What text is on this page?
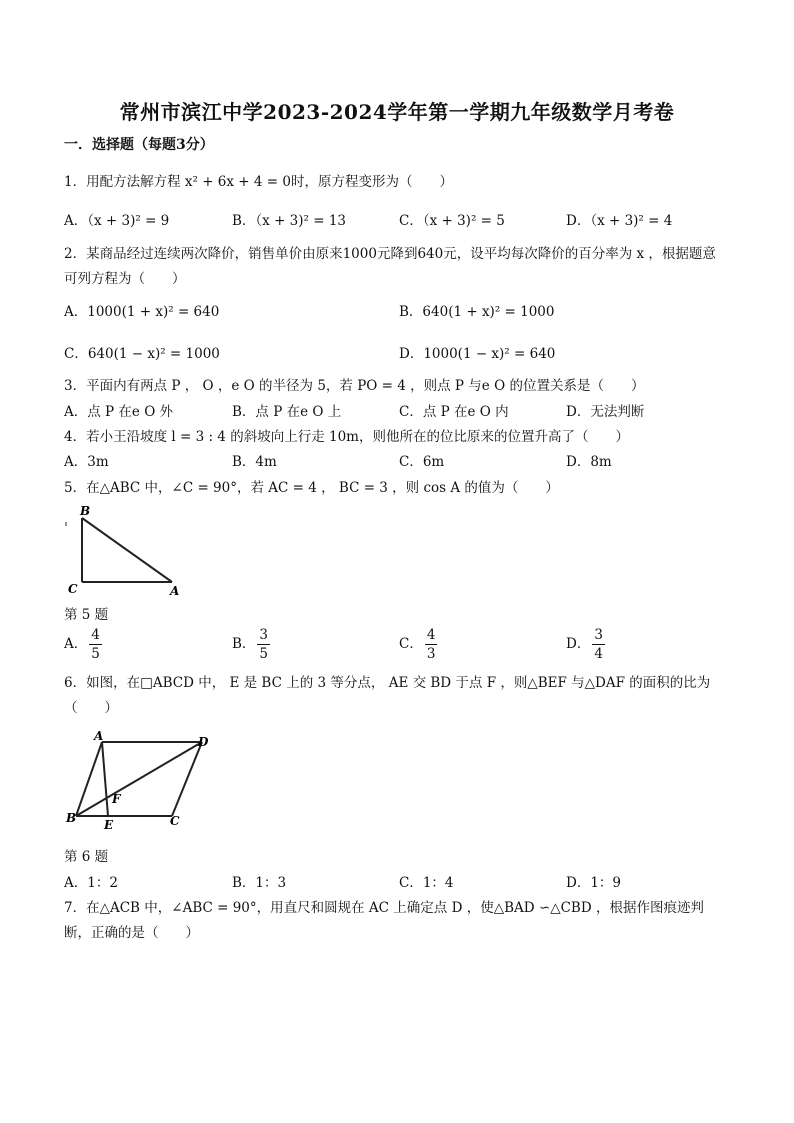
常州市滨江中学2023-2024学年第一学期九年级数学月考卷
一．选择题（每题3分）
1．用配方法解方程 x² + 6x + 4 = 0时，原方程变形为（　　）
A．（x + 3)² = 9	B．（x + 3)² = 13	C．（x + 3)² = 5	D．（x + 3)² = 4
2．某商品经过连续两次降价，销售单价由原来1000元降到640元，设平均每次降价的百分率为 x ，根据题意
可列方程为（　　）
A．1000(1 + x)² = 640	B．640(1 + x)² = 1000
C．640(1 − x)² = 1000	D．1000(1 − x)² = 640
3．平面内有两点 P ， O ，e O 的半径为 5，若 PO = 4 ，则点 P 与e O 的位置关系是（　　）
A．点 P 在e O 外	B．点 P 在e O 上	C．点 P 在e O 内	D．无法判断
4．若小王沿坡度 l = 3 : 4 的斜坡向上行走 10m，则他所在的位比原来的位置升高了（　　）
A．3m	B．4m	C．6m	D．8m
5．在△ABC 中，∠C = 90°，若 AC = 4 ， BC = 3 ，则 cos A 的值为（　　）
B
C	A
第 5 题
A． $\frac{4}{5}$	B． $\frac{3}{5}$	C． $\frac{4}{3}$	D． $\frac{3}{4}$
6．如图，在□ABCD 中， E 是 BC 上的 3 等分点， AE 交 BD 于点 F ，则△BEF 与△DAF 的面积的比为
（　　）
A	D
B E	C
F
第 6 题
A．1：2	B．1：3	C．1：4	D．1：9
7．在△ACB 中，∠ABC = 90°，用直尺和圆规在 AC 上确定点 D ，使△BAD ∽△CBD ，根据作图痕迹判
断，正确的是（　　）
